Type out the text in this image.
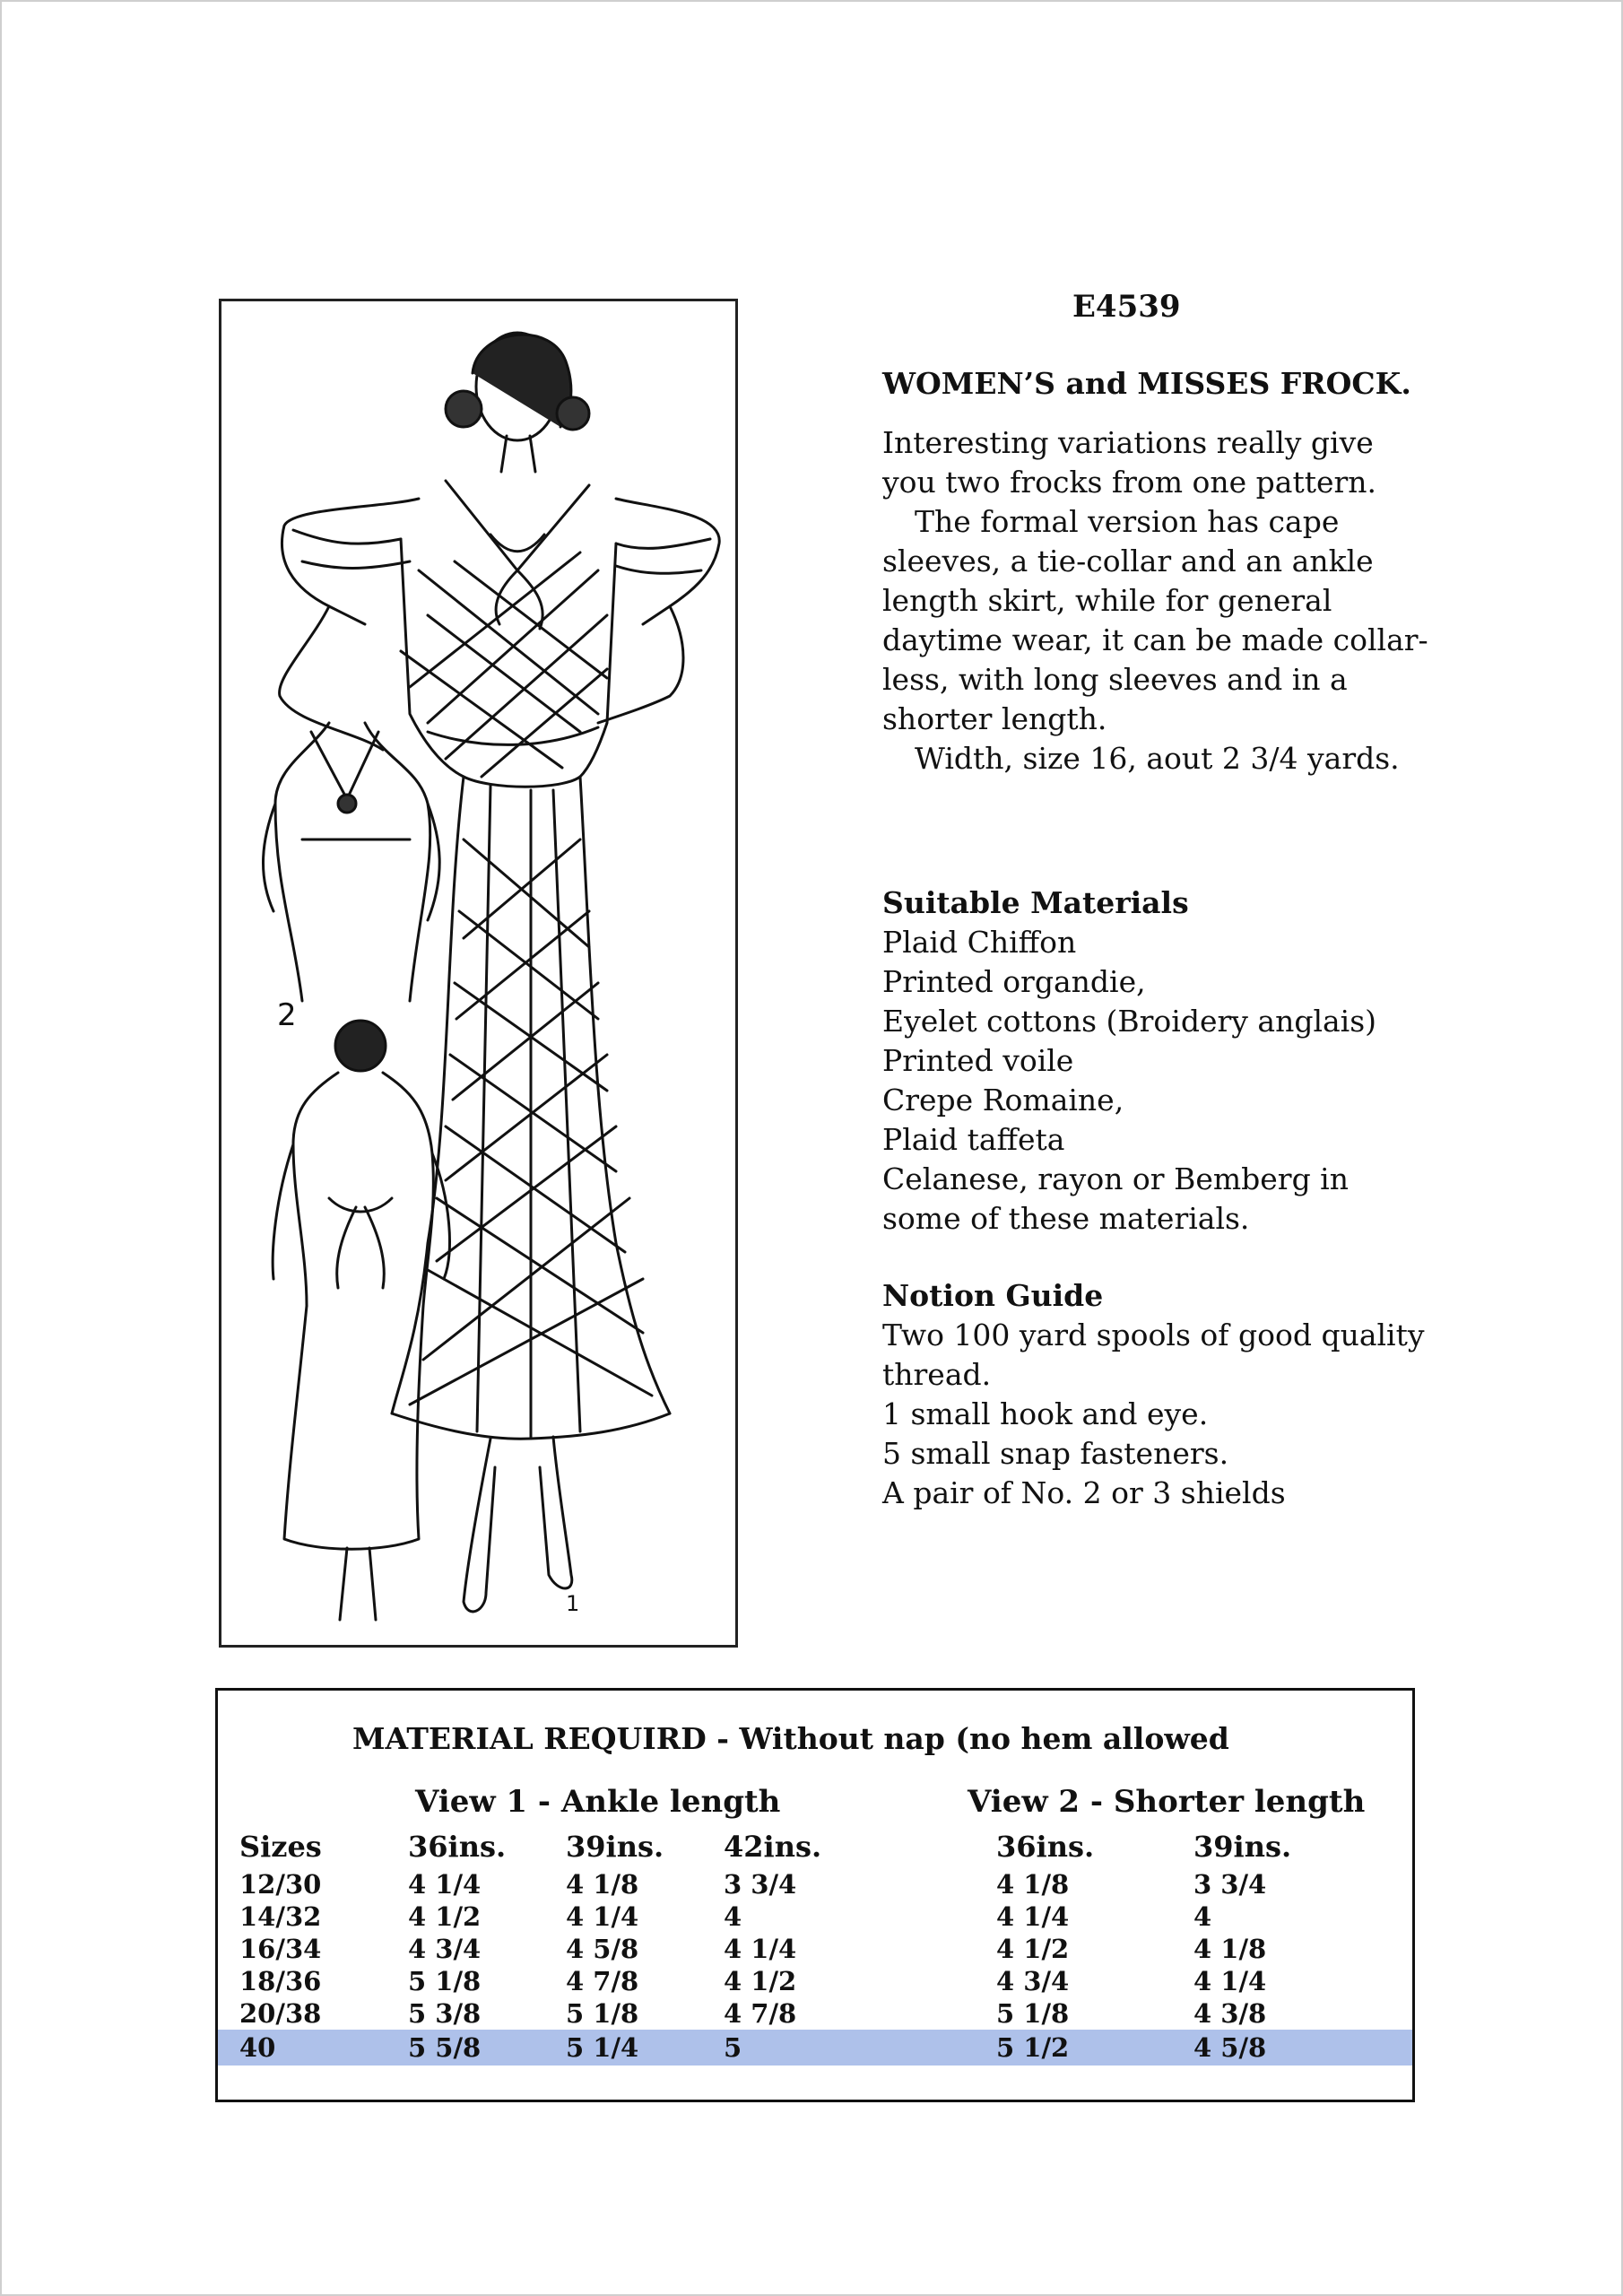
2
1
E4539
WOMEN’S and MISSES FROCK.
Interesting variations really give
you two frocks from one pattern.
The formal version has cape
sleeves, a tie-collar and an ankle
length skirt, while for general
daytime wear, it can be made collar-
less, with long sleeves and in a
shorter length.
Width, size 16, aout 2 3/4 yards.
Suitable Materials
Plaid Chiffon
Printed organdie,
Eyelet cottons (Broidery anglais)
Printed voile
Crepe Romaine,
Plaid taffeta
Celanese, rayon or Bemberg in
some of these materials.
Notion Guide
Two 100 yard spools of good quality
thread.
1 small hook and eye.
5 small snap fasteners.
A pair of No. 2 or 3 shields
MATERIAL REQUIRD - Without nap (no hem allowed
View 1 - Ankle length	View 2 - Shorter length
Sizes	36ins. 39ins. 42ins.	36ins.	39ins.
12/30	4 1/4	4 1/8	3 3/4	4 1/8	3 3/4
14/32	4 1/2	4 1/4	4	4 1/4	4
16/34	4 3/4	4 5/8	4 1/4	4 1/2	4 1/8
18/36	5 1/8	4 7/8	4 1/2	4 3/4	4 1/4
20/38	5 3/8	5 1/8	4 7/8	5 1/8	4 3/8
40	5 5/8	5 1/4	5	5 1/2	4 5/8
